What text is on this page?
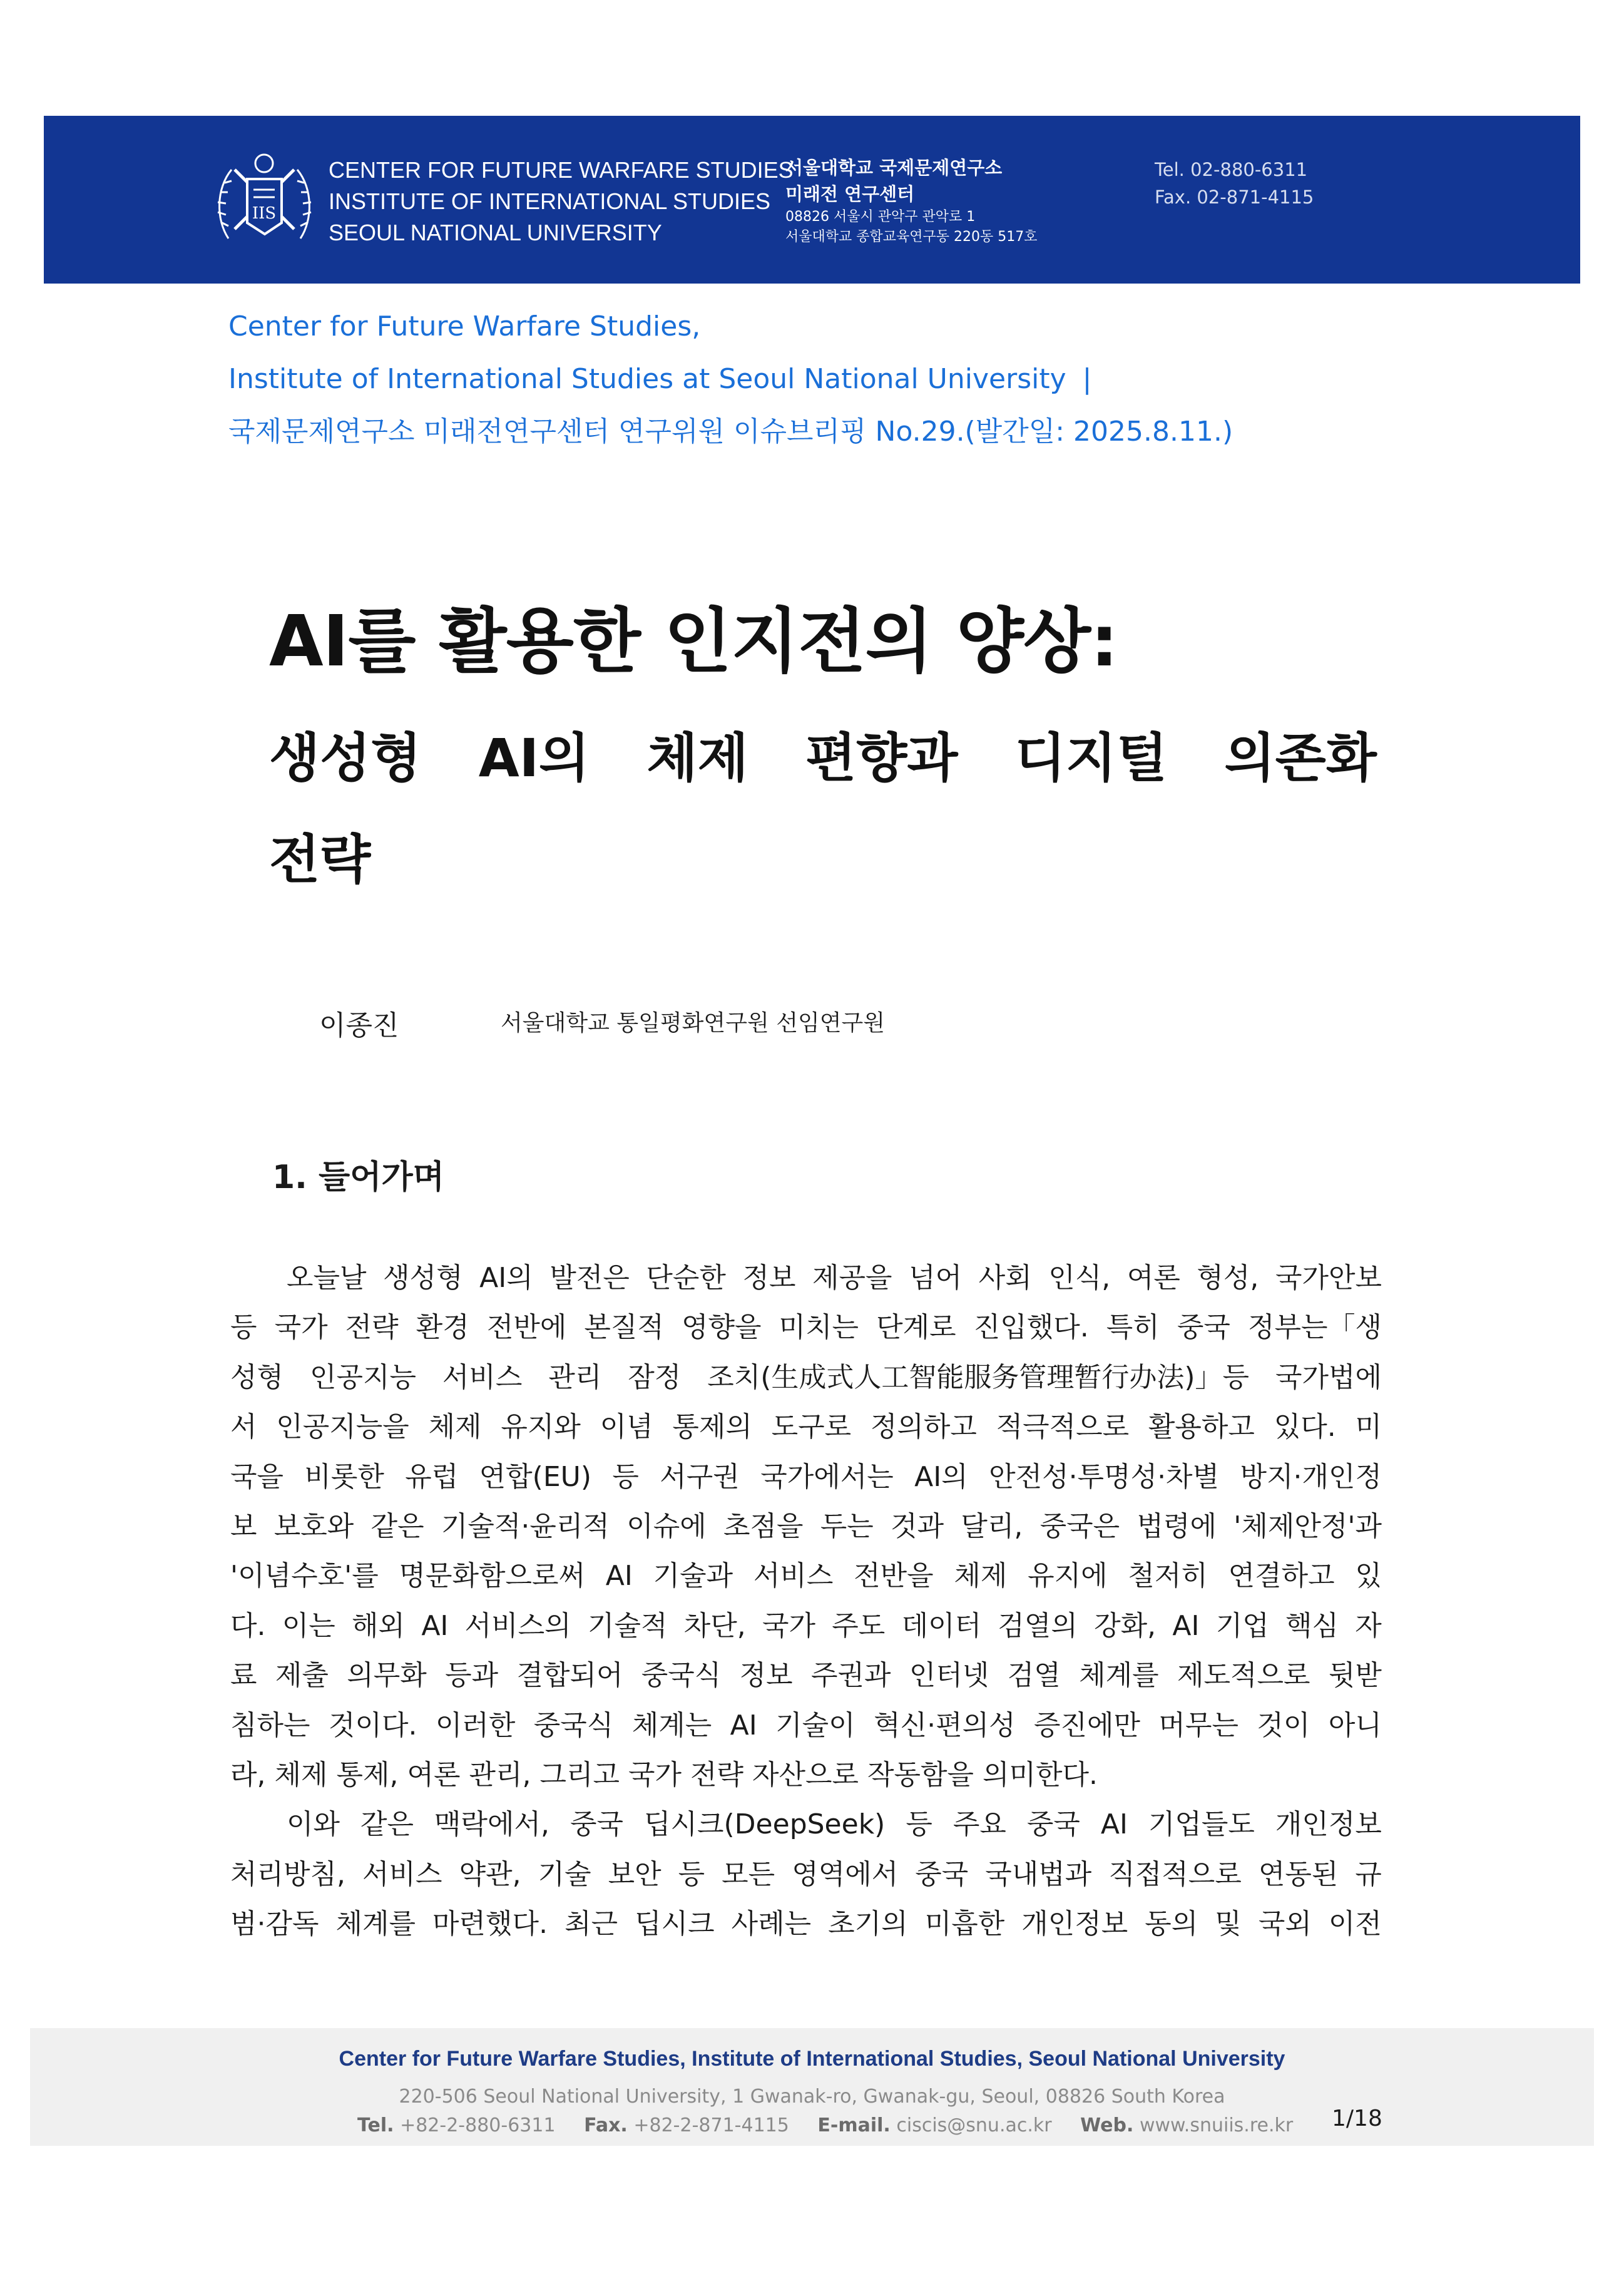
IIS
CENTER FOR FUTURE WARFARE STUDIES
INSTITUTE OF INTERNATIONAL STUDIES
SEOUL NATIONAL UNIVERSITY
서울대학교 국제문제연구소
미래전 연구센터
08826 서울시 관악구 관악로 1
서울대학교 종합교육연구동 220동 517호
Tel. 02-880-6311
Fax. 02-871-4115
Center for Future Warfare Studies,
Institute of International Studies at Seoul National University |
국제문제연구소 미래전연구센터 연구위원 이슈브리핑 No.29.(발간일: 2025.8.11.)
AI를 활용한 인지전의 양상:
생성형 AI의 체제 편향과 디지털 의존화
전략
이종진	서울대학교 통일평화연구원 선임연구원
1. 들어가며
오늘날 생성형 AI의 발전은 단순한 정보 제공을 넘어 사회 인식, 여론 형성, 국가안보
등 국가 전략 환경 전반에 본질적 영향을 미치는 단계로 진입했다. 특히 중국 정부는「생
성형 인공지능 서비스 관리 잠정 조치(生成式人工智能服务管理暂行办法)」등 국가법에
서 인공지능을 체제 유지와 이념 통제의 도구로 정의하고 적극적으로 활용하고 있다. 미
국을 비롯한 유럽 연합(EU) 등 서구권 국가에서는 AI의 안전성·투명성·차별 방지·개인정
보 보호와 같은 기술적·윤리적 이슈에 초점을 두는 것과 달리, 중국은 법령에 '체제안정'과
'이념수호'를 명문화함으로써 AI 기술과 서비스 전반을 체제 유지에 철저히 연결하고 있
다. 이는 해외 AI 서비스의 기술적 차단, 국가 주도 데이터 검열의 강화, AI 기업 핵심 자
료 제출 의무화 등과 결합되어 중국식 정보 주권과 인터넷 검열 체계를 제도적으로 뒷받
침하는 것이다. 이러한 중국식 체계는 AI 기술이 혁신·편의성 증진에만 머무는 것이 아니
라, 체제 통제, 여론 관리, 그리고 국가 전략 자산으로 작동함을 의미한다.
이와 같은 맥락에서, 중국 딥시크(DeepSeek) 등 주요 중국 AI 기업들도 개인정보
처리방침, 서비스 약관, 기술 보안 등 모든 영역에서 중국 국내법과 직접적으로 연동된 규
범·감독 체계를 마련했다. 최근 딥시크 사례는 초기의 미흡한 개인정보 동의 및 국외 이전
Center for Future Warfare Studies, Institute of International Studies, Seoul National University
220-506 Seoul National University, 1 Gwanak-ro, Gwanak-gu, Seoul, 08826 South Korea
Tel. +82-2-880-6311 Fax. +82-2-871-4115 E-mail. ciscis@snu.ac.kr Web. www.snuiis.re.kr 1/18
